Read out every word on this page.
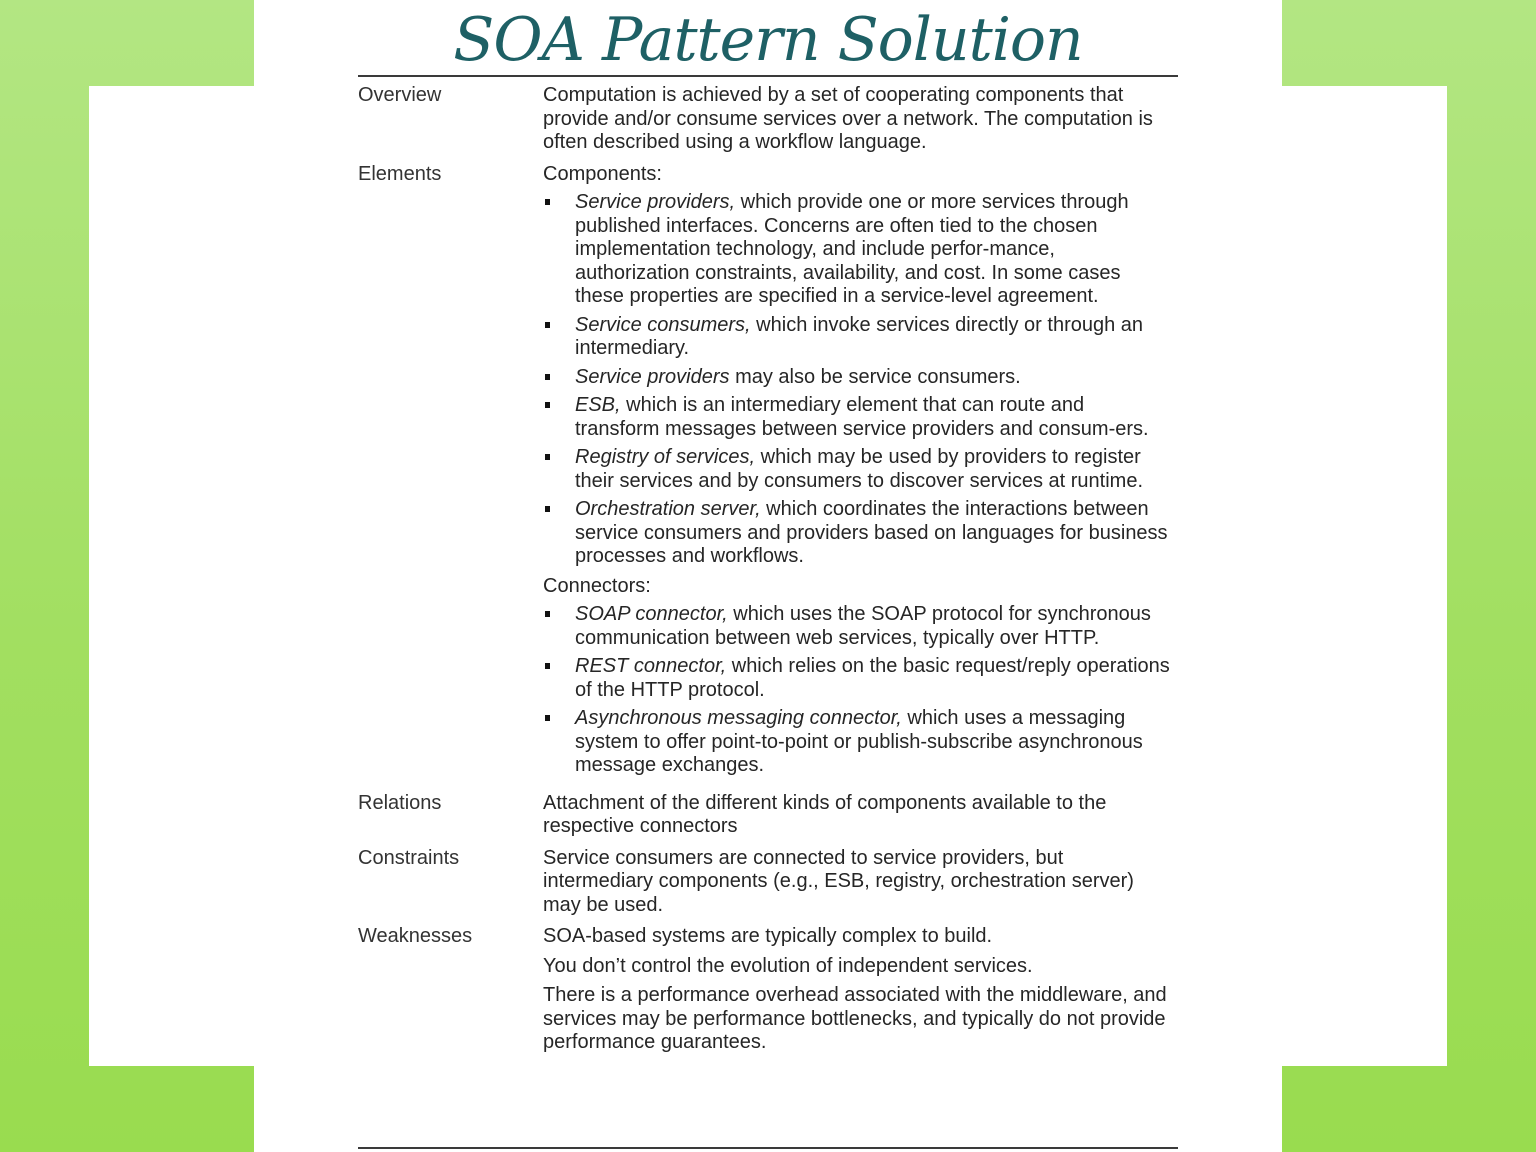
SOA Pattern Solution
Overview	Computation is achieved by a set of cooperating components that provide and/or consume services over a network. The computation is often described using a workflow language.

Elements	Components:

Service providers, which provide one or more services through published interfaces. Concerns are often tied to the chosen implementation technology, and include perfor-mance, authorization constraints, availability, and cost. In some cases these properties are specified in a service-level agreement.
Service consumers, which invoke services directly or through an intermediary.
Service providers may also be service consumers.
ESB, which is an intermediary element that can route and transform messages between service providers and consum-ers.
Registry of services, which may be used by providers to register their services and by consumers to discover services at runtime.
Orchestration server, which coordinates the interactions between service consumers and providers based on languages for business processes and workflows.

Connectors:

SOAP connector, which uses the SOAP protocol for synchronous communication between web services, typically over HTTP.
REST connector, which relies on the basic request/reply operations of the HTTP protocol.
Asynchronous messaging connector, which uses a messaging system to offer point-to-point or publish-subscribe asynchronous message exchanges.
Relations	Attachment of the different kinds of components available to the respective connectors

Constraints	Service consumers are connected to service providers, but intermediary components (e.g., ESB, registry, orchestration server) may be used.

Weaknesses	SOA-based systems are typically complex to build.

You don’t control the evolution of independent services.

There is a performance overhead associated with the middleware, and services may be performance bottlenecks, and typically do not provide performance guarantees.
